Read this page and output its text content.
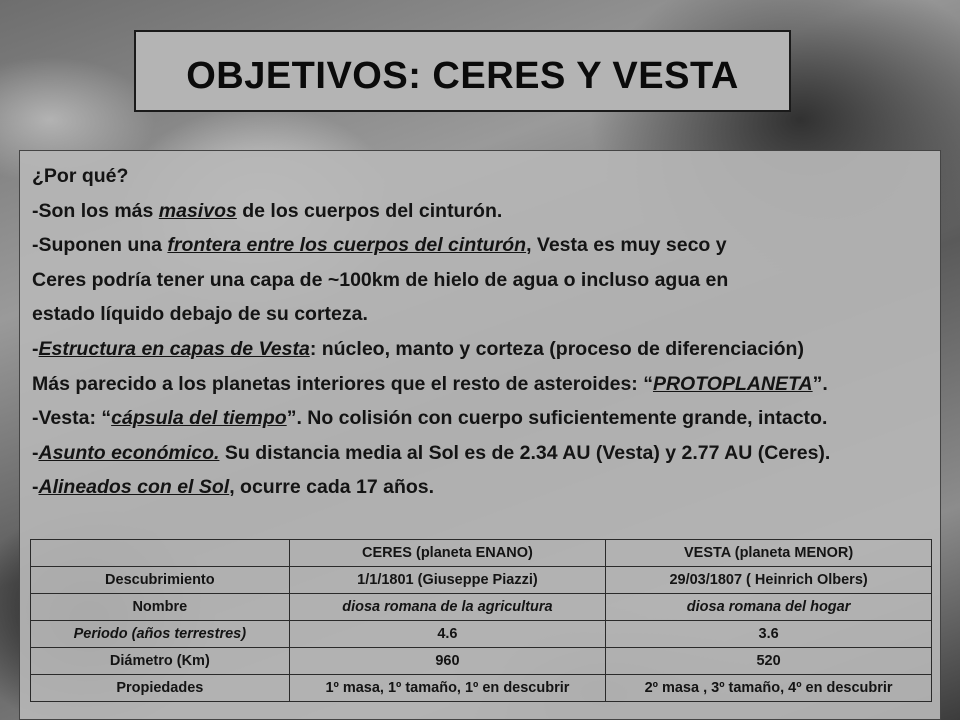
OBJETIVOS: CERES Y VESTA

¿Por qué?

-Son los más masivos de los cuerpos del cinturón.

-Suponen una frontera entre los cuerpos del cinturón, Vesta es muy seco y

Ceres podría tener una capa de ~100km de hielo de agua o incluso agua en

estado líquido debajo de su corteza.

-Estructura en capas de Vesta: núcleo, manto y corteza (proceso de diferenciación)

Más parecido a los planetas interiores que el resto de asteroides: “PROTOPLANETA”.

-Vesta: “cápsula del tiempo”. No colisión con cuerpo suficientemente grande, intacto.

-Asunto económico. Su distancia media al Sol es de 2.34 AU (Vesta) y 2.77 AU (Ceres).

-Alineados con el Sol, ocurre cada 17 años.

	CERES (planeta ENANO)	VESTA (planeta MENOR)
Descubrimiento	1/1/1801 (Giuseppe Piazzi)	29/03/1807 ( Heinrich Olbers)
Nombre	diosa romana de la agricultura	diosa romana del hogar
Periodo (años terrestres)	4.6	3.6
Diámetro (Km)	960	520
Propiedades	1º masa, 1º tamaño, 1º en descubrir	2º masa , 3º tamaño, 4º en descubrir
